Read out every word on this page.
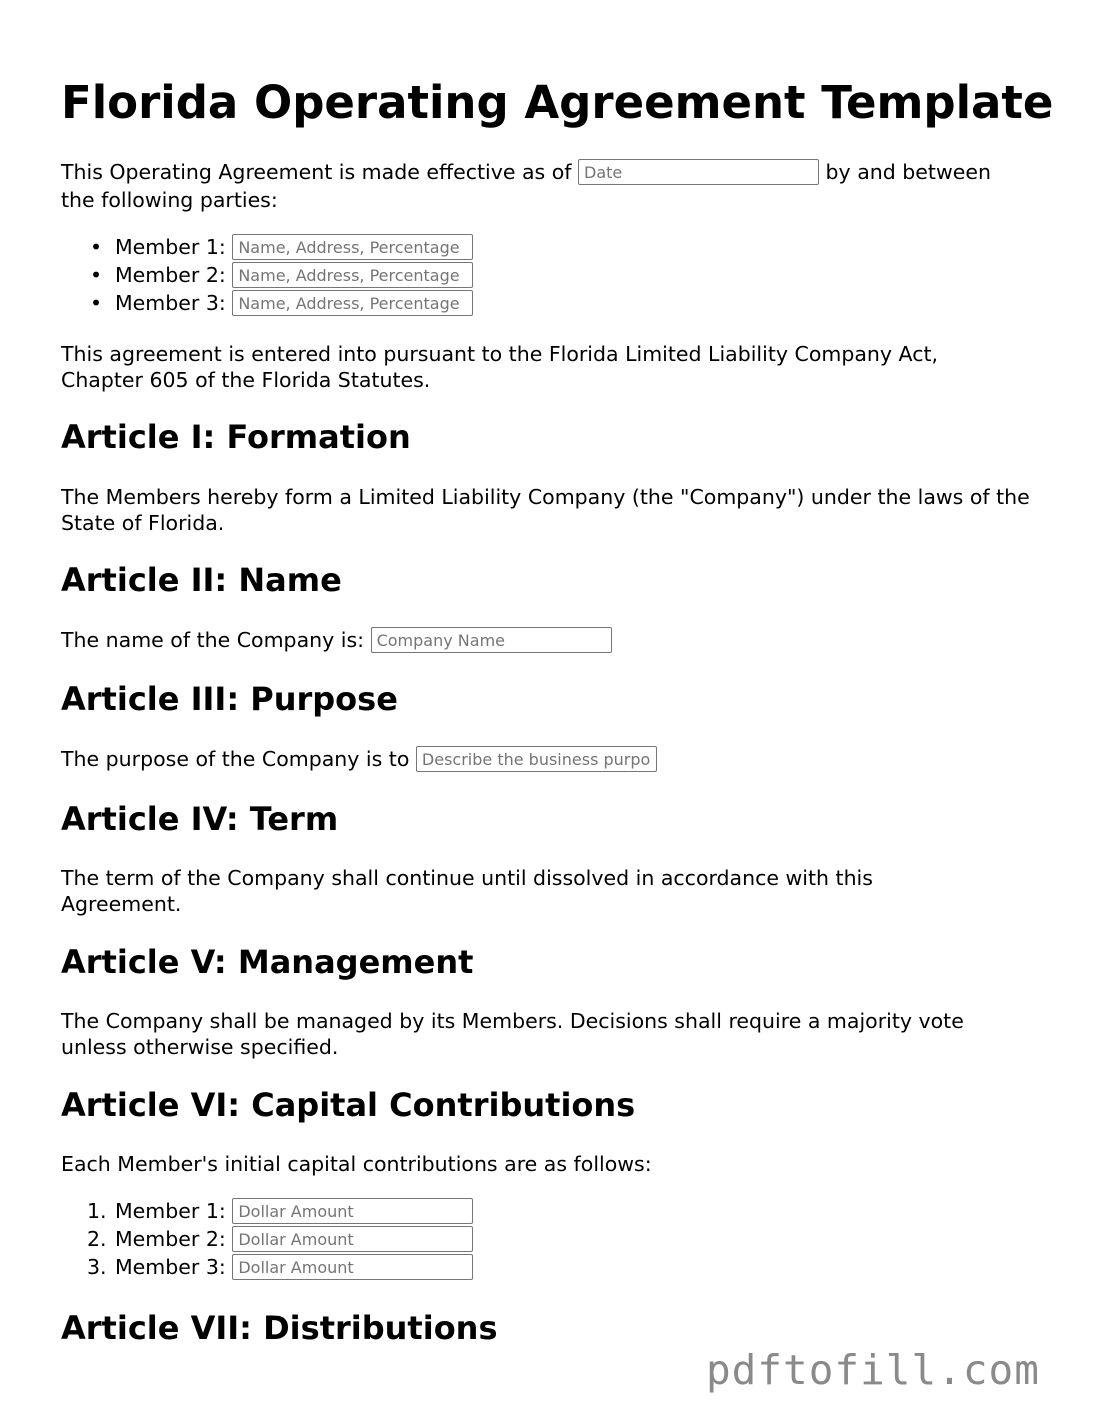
Florida Operating Agreement Template
This Operating Agreement is made effective as of Date	by and between
the following parties:
• Member 1: Name, Address, Percentage
• Member 2: Name, Address, Percentage
• Member 3: Name, Address, Percentage

This agreement is entered into pursuant to the Florida Limited Liability Company Act, Chapter 605 of the Florida Statutes.

Article I: Formation

The Members hereby form a Limited Liability Company (the "Company") under the laws of the State of Florida.

Article II: Name
The name of the Company is: Company Name
Article III: Purpose
The purpose of the Company is to Describe the business purpose
Article IV: Term

The term of the Company shall continue until dissolved in accordance with this Agreement.

Article V: Management

The Company shall be managed by its Members. Decisions shall require a majority vote unless otherwise specified.

Article VI: Capital Contributions

Each Member's initial capital contributions are as follows:

1. Member 1: Dollar Amount
2. Member 2: Dollar Amount
3. Member 3: Dollar Amount
Article VII: Distributions
pdftofill.com
